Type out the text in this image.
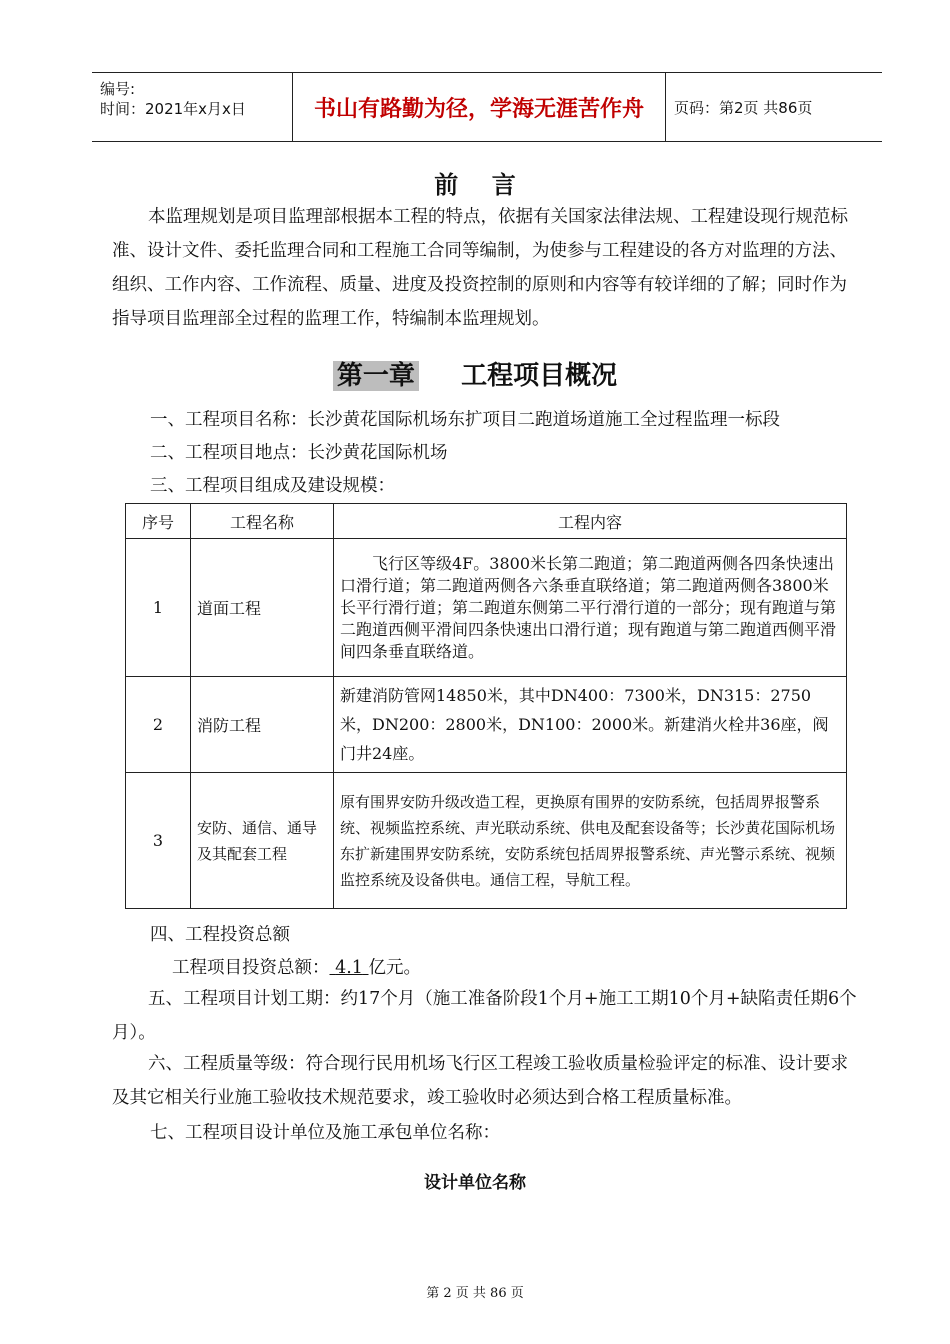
编号:
时间：2021年x月x日	书山有路勤为径，学海无涯苦作舟	页码：第2页 共86页
前    言
本监理规划是项目监理部根据本工程的特点，依据有关国家法律法规、工程建设现行规范标准、设计文件、委托监理合同和工程施工合同等编制，为使参与工程建设的各方对监理的方法、组织、工作内容、工作流程、质量、进度及投资控制的原则和内容等有较详细的了解；同时作为指导项目监理部全过程的监理工作，特编制本监理规划。
第一章 工程项目概况
一、工程项目名称：长沙黄花国际机场东扩项目二跑道场道施工全过程监理一标段
二、工程项目地点：长沙黄花国际机场
三、工程项目组成及建设规模：
序号	工程名称	工程内容
1	道面工程	飞行区等级4F。3800米长第二跑道；第二跑道两侧各四条快速出口滑行道；第二跑道两侧各六条垂直联络道；第二跑道两侧各3800米长平行滑行道；第二跑道东侧第二平行滑行道的一部分；现有跑道与第二跑道西侧平滑间四条快速出口滑行道；现有跑道与第二跑道西侧平滑间四条垂直联络道。
2	消防工程	新建消防管网14850米，其中DN400：7300米，DN315：2750米，DN200：2800米，DN100：2000米。新建消火栓井36座，阀门井24座。
3	安防、通信、通导及其配套工程	原有围界安防升级改造工程，更换原有围界的安防系统，包括周界报警系统、视频监控系统、声光联动系统、供电及配套设备等；长沙黄花国际机场东扩新建围界安防系统，安防系统包括周界报警系统、声光警示系统、视频监控系统及设备供电。通信工程，导航工程。
四、工程投资总额
工程项目投资总额： 4.1 亿元。
五、工程项目计划工期：约17个月（施工准备阶段1个月+施工工期10个月+缺陷责任期6个月）。
六、工程质量等级：符合现行民用机场飞行区工程竣工验收质量检验评定的标准、设计要求及其它相关行业施工验收技术规范要求，竣工验收时必须达到合格工程质量标准。
七、工程项目设计单位及施工承包单位名称：
设计单位名称
第 2 页 共 86 页
